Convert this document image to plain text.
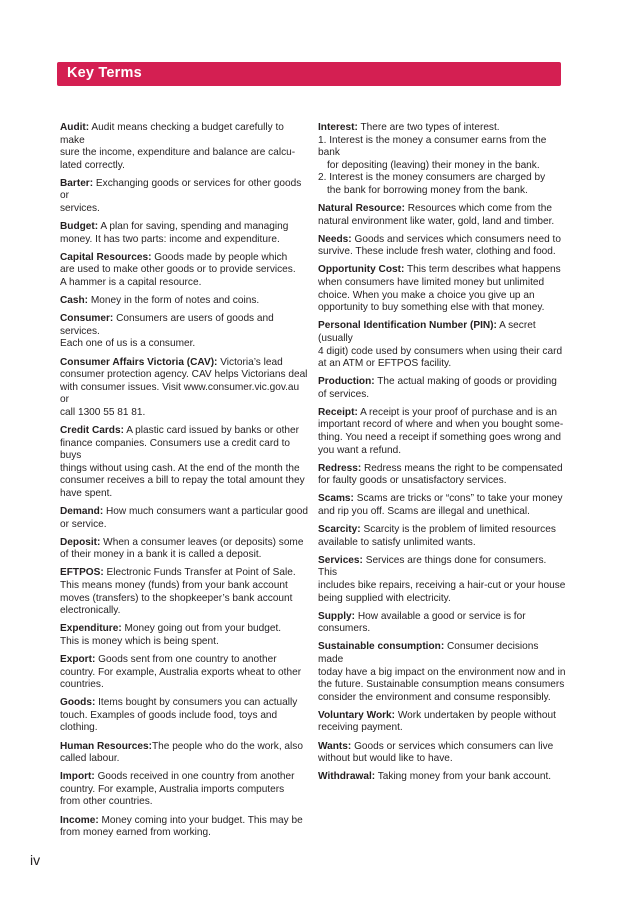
Key Terms
Audit: Audit means checking a budget carefully to make
sure the income, expenditure and balance are calcu-
lated correctly.
Barter: Exchanging goods or services for other goods or
services.
Budget: A plan for saving, spending and managing
money. It has two parts: income and expenditure.
Capital Resources: Goods made by people which
are used to make other goods or to provide services.
A hammer is a capital resource.
Cash: Money in the form of notes and coins.
Consumer: Consumers are users of goods and services.
Each one of us is a consumer.
Consumer Affairs Victoria (CAV): Victoria’s lead
consumer protection agency. CAV helps Victorians deal
with consumer issues. Visit www.consumer.vic.gov.au or
call 1300 55 81 81.
Credit Cards: A plastic card issued by banks or other
finance companies. Consumers use a credit card to buys
things without using cash. At the end of the month the
consumer receives a bill to repay the total amount they
have spent.
Demand: How much consumers want a particular good
or service.
Deposit: When a consumer leaves (or deposits) some
of their money in a bank it is called a deposit.
EFTPOS: Electronic Funds Transfer at Point of Sale.
This means money (funds) from your bank account
moves (transfers) to the shopkeeper’s bank account
electronically.
Expenditure: Money going out from your budget.
This is money which is being spent.
Export: Goods sent from one country to another
country. For example, Australia exports wheat to other
countries.
Goods: Items bought by consumers you can actually
touch. Examples of goods include food, toys and
clothing.
Human Resources:The people who do the work, also
called labour.
Import: Goods received in one country from another
country. For example, Australia imports computers
from other countries.
Income: Money coming into your budget. This may be
from money earned from working.
Interest: There are two types of interest.
1. Interest is the money a consumer earns from the bank
for depositing (leaving) their money in the bank.
2. Interest is the money consumers are charged by
the bank for borrowing money from the bank.
Natural Resource: Resources which come from the
natural environment like water, gold, land and timber.
Needs: Goods and services which consumers need to
survive. These include fresh water, clothing and food.
Opportunity Cost: This term describes what happens
when consumers have limited money but unlimited
choice. When you make a choice you give up an
opportunity to buy something else with that money.
Personal Identification Number (PIN): A secret (usually
4 digit) code used by consumers when using their card
at an ATM or EFTPOS facility.
Production: The actual making of goods or providing
of services.
Receipt: A receipt is your proof of purchase and is an
important record of where and when you bought some-
thing. You need a receipt if something goes wrong and
you want a refund.
Redress: Redress means the right to be compensated
for faulty goods or unsatisfactory services.
Scams: Scams are tricks or “cons” to take your money
and rip you off. Scams are illegal and unethical.
Scarcity: Scarcity is the problem of limited resources
available to satisfy unlimited wants.
Services: Services are things done for consumers. This
includes bike repairs, receiving a hair-cut or your house
being supplied with electricity.
Supply: How available a good or service is for
consumers.
Sustainable consumption: Consumer decisions made
today have a big impact on the environment now and in
the future. Sustainable consumption means consumers
consider the environment and consume responsibly.
Voluntary Work: Work undertaken by people without
receiving payment.
Wants: Goods or services which consumers can live
without but would like to have.
Withdrawal: Taking money from your bank account.
iv
